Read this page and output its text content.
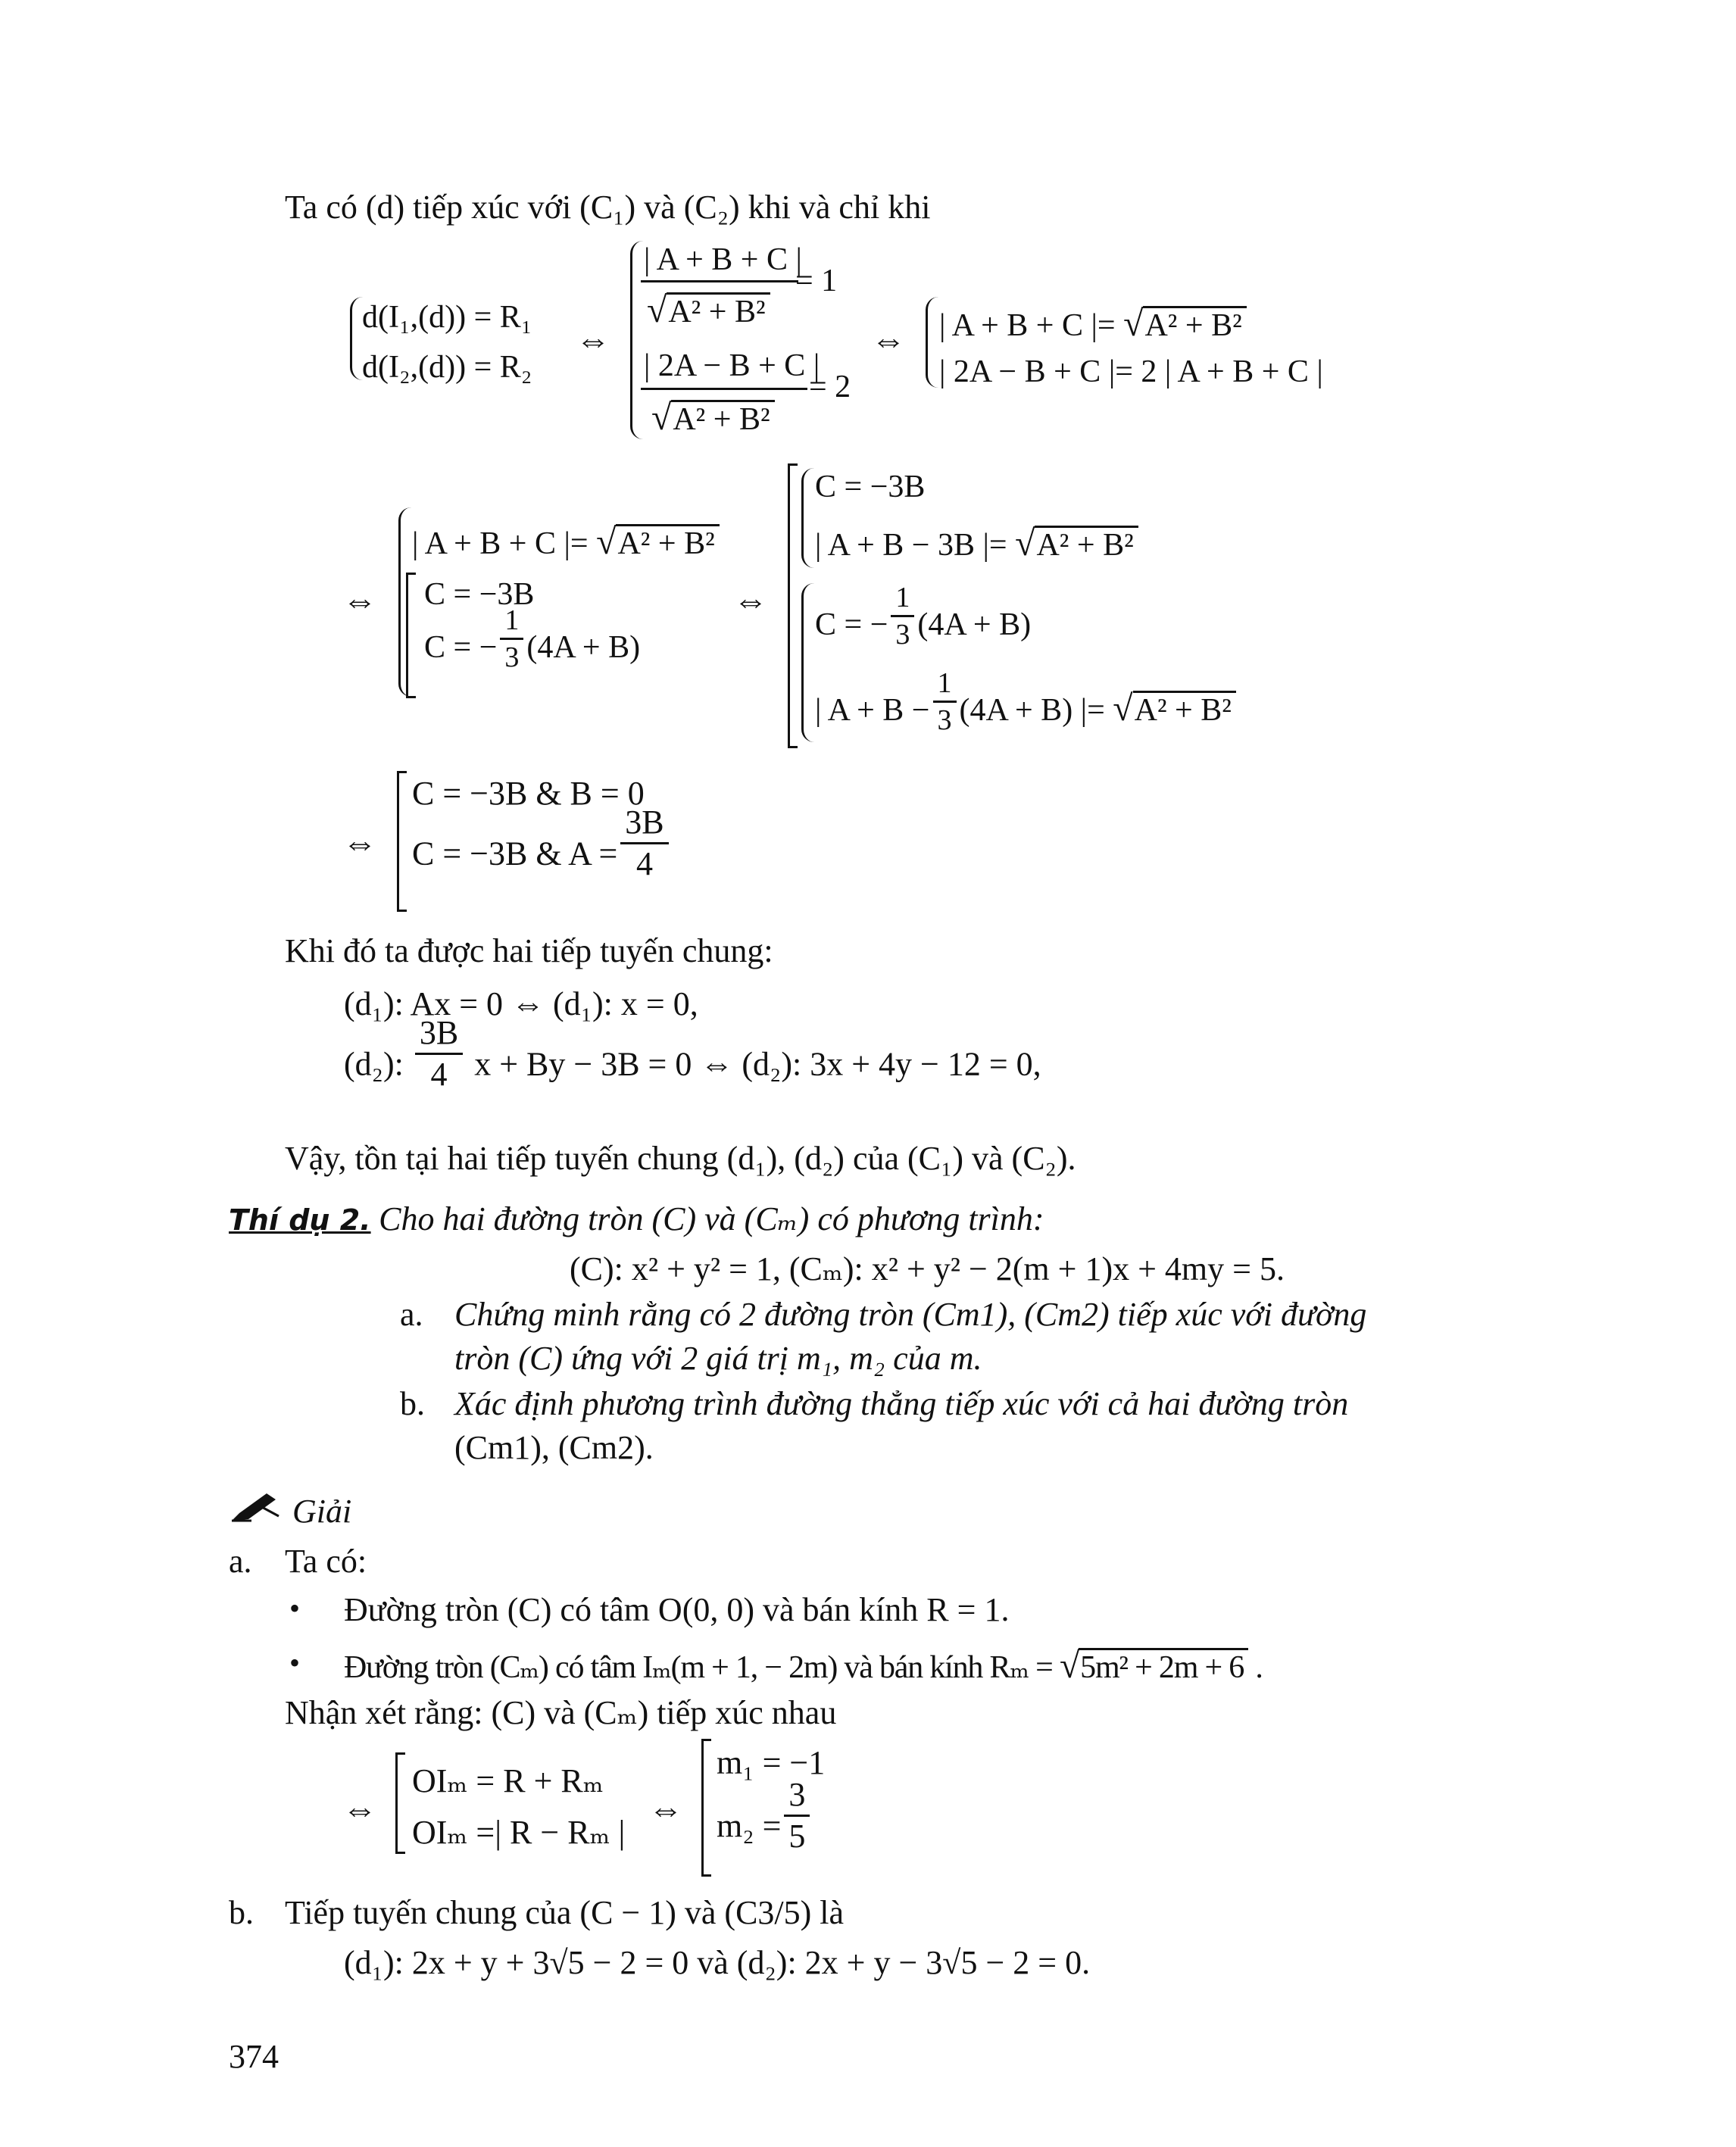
Ta có (d) tiếp xúc với (C₁) và (C₂) khi và chỉ khi
d(I₁,(d)) = R₁
d(I₂,(d)) = R₂
⇔
| A + B + C |
= 1
√A² + B²
| 2A − B + C |
= 2
√A² + B²
⇔ | A + B + C |= √A² + B²
| 2A − B + C |= 2 | A + B + C |
⇔
| A + B + C |= √A² + B²
C = −3B
C = − $\frac{1}{3} (4A + B)$
⇔
C = −3B
| A + B − 3B |= √A² + B²
C = − $\frac{1}{3} (4A + B)$
| $A + B - \frac{1}{3} (4A + B)$ |= √A² + B²
⇔
C = −3B & B = 0
C = −3B & $A = \frac{3B}{4}$
Khi đó ta được hai tiếp tuyến chung:
(d₁): Ax = 0 ⇔ (d₁): x = 0,
(d₂): $\frac{3B}{4}$ x + By − 3B = 0 ⇔ (d₂): 3x + 4y − 12 = 0,
Vậy, tồn tại hai tiếp tuyến chung (d₁), (d₂) của (C₁) và (C₂).
Thí dụ 2. Cho hai đường tròn (C) và (Cₘ) có phương trình:
(C): x² + y² = 1, (Cₘ): x² + y² − 2(m + 1)x + 4my = 5.
a. Chứng minh rằng có 2 đường tròn (Cm1), (Cm2) tiếp xúc với đường
tròn (C) ứng với 2 giá trị m₁, m₂ của m.
b. Xác định phương trình đường thẳng tiếp xúc với cả hai đường tròn
(Cm1), (Cm2).
Giải
a. Ta có:
• Đường tròn (C) có tâm O(0, 0) và bán kính R = 1.
• Đường tròn (Cₘ) có tâm Iₘ(m + 1, − 2m) và bán kính Rₘ = √5m² + 2m + 6 .
Nhận xét rằng: (C) và (Cₘ) tiếp xúc nhau
⇔
OIₘ = R + Rₘ
OIₘ =| R − Rₘ |
⇔
m₁ = −1
$m_2 = \frac{3}{5}$
b. Tiếp tuyến chung của (C − 1) và (C3/5) là
(d₁): 2x + y + 3√5 − 2 = 0 và (d₂): 2x + y − 3√5 − 2 = 0.
374
